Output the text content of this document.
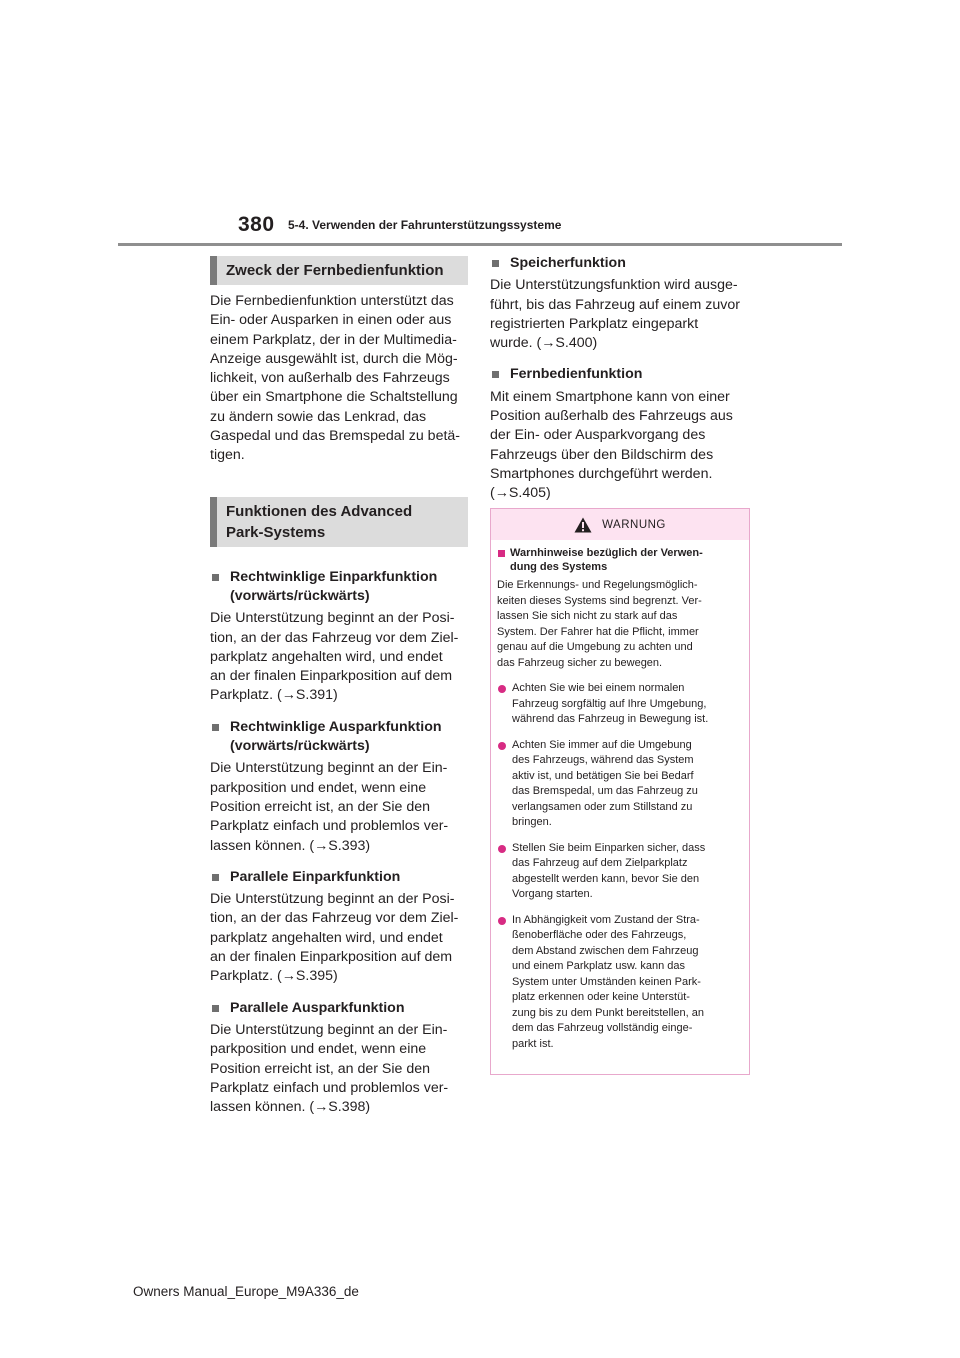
380 5-4. Verwenden der Fahrunterstützungssysteme
Zweck der Fernbedienfunktion

Die Fernbedienfunktion unterstützt das
Ein- oder Ausparken in einen oder aus
einem Parkplatz, der in der Multimedia-
Anzeige ausgewählt ist, durch die Mög-
lichkeit, von außerhalb des Fahrzeugs
über ein Smartphone die Schaltstellung
zu ändern sowie das Lenkrad, das
Gaspedal und das Bremspedal zu betä-
tigen.

Funktionen des Advanced
Park-Systems
Rechtwinklige Einparkfunktion
(vorwärts/rückwärts)

Die Unterstützung beginnt an der Posi-
tion, an der das Fahrzeug vor dem Ziel-
parkplatz angehalten wird, und endet
an der finalen Einparkposition auf dem
Parkplatz. (→S.391)

Rechtwinklige Ausparkfunktion
(vorwärts/rückwärts)

Die Unterstützung beginnt an der Ein-
parkposition und endet, wenn eine
Position erreicht ist, an der Sie den
Parkplatz einfach und problemlos ver-
lassen können. (→S.393)

Parallele Einparkfunktion

Die Unterstützung beginnt an der Posi-
tion, an der das Fahrzeug vor dem Ziel-
parkplatz angehalten wird, und endet
an der finalen Einparkposition auf dem
Parkplatz. (→S.395)

Parallele Ausparkfunktion

Die Unterstützung beginnt an der Ein-
parkposition und endet, wenn eine
Position erreicht ist, an der Sie den
Parkplatz einfach und problemlos ver-
lassen können. (→S.398)

Speicherfunktion

Die Unterstützungsfunktion wird ausge-
führt, bis das Fahrzeug auf einem zuvor
registrierten Parkplatz eingeparkt
wurde. (→S.400)

Fernbedienfunktion

Mit einem Smartphone kann von einer
Position außerhalb des Fahrzeugs aus
der Ein- oder Ausparkvorgang des
Fahrzeugs über den Bildschirm des
Smartphones durchgeführt werden.
(→S.405)

WARNUNG
Warnhinweise bezüglich der Verwen-
dung des Systems
Die Erkennungs- und Regelungsmöglich-
keiten dieses Systems sind begrenzt. Ver-
lassen Sie sich nicht zu stark auf das
System. Der Fahrer hat die Pflicht, immer
genau auf die Umgebung zu achten und
das Fahrzeug sicher zu bewegen.
Achten Sie wie bei einem normalen
Fahrzeug sorgfältig auf Ihre Umgebung,
während das Fahrzeug in Bewegung ist.
Achten Sie immer auf die Umgebung
des Fahrzeugs, während das System
aktiv ist, und betätigen Sie bei Bedarf
das Bremspedal, um das Fahrzeug zu
verlangsamen oder zum Stillstand zu
bringen.
Stellen Sie beim Einparken sicher, dass
das Fahrzeug auf dem Zielparkplatz
abgestellt werden kann, bevor Sie den
Vorgang starten.
In Abhängigkeit vom Zustand der Stra-
ßenoberfläche oder des Fahrzeugs,
dem Abstand zwischen dem Fahrzeug
und einem Parkplatz usw. kann das
System unter Umständen keinen Park-
platz erkennen oder keine Unterstüt-
zung bis zu dem Punkt bereitstellen, an
dem das Fahrzeug vollständig einge-
parkt ist.
Owners Manual_Europe_M9A336_de
